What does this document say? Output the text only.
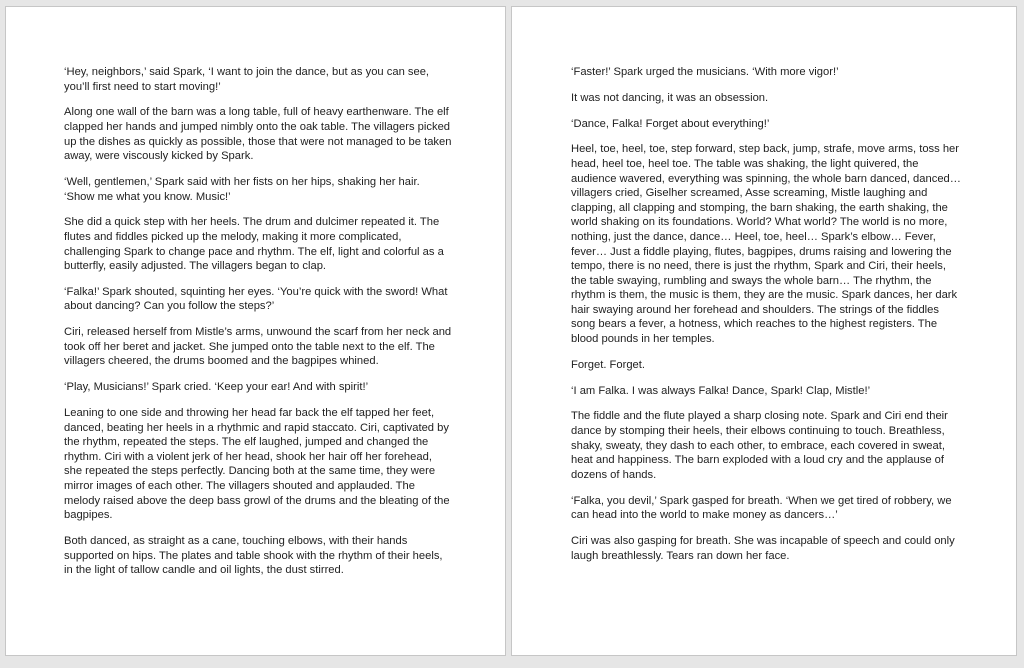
‘Hey, neighbors,’ said Spark, ‘I want to join the dance, but as you can see, you’ll first need to start moving!’

Along one wall of the barn was a long table, full of heavy earthenware. The elf clapped her hands and jumped nimbly onto the oak table. The villagers picked up the dishes as quickly as possible, those that were not managed to be taken away, were viscously kicked by Spark.

‘Well, gentlemen,’ Spark said with her fists on her hips, shaking her hair. ‘Show me what you know. Music!’

She did a quick step with her heels. The drum and dulcimer repeated it. The flutes and fiddles picked up the melody, making it more complicated, challenging Spark to change pace and rhythm. The elf, light and colorful as a butterfly, easily adjusted. The villagers began to clap.

‘Falka!’ Spark shouted, squinting her eyes. ‘You’re quick with the sword! What about dancing? Can you follow the steps?’

Ciri, released herself from Mistle’s arms, unwound the scarf from her neck and took off her beret and jacket. She jumped onto the table next to the elf. The villagers cheered, the drums boomed and the bagpipes whined.

‘Play, Musicians!’ Spark cried. ‘Keep your ear! And with spirit!’

Leaning to one side and throwing her head far back the elf tapped her feet, danced, beating her heels in a rhythmic and rapid staccato. Ciri, captivated by the rhythm, repeated the steps. The elf laughed, jumped and changed the rhythm. Ciri with a violent jerk of her head, shook her hair off her forehead, she repeated the steps perfectly. Dancing both at the same time, they were mirror images of each other. The villagers shouted and applauded. The melody raised above the deep bass growl of the drums and the bleating of the bagpipes.

Both danced, as straight as a cane, touching elbows, with their hands supported on hips. The plates and table shook with the rhythm of their heels, in the light of tallow candle and oil lights, the dust stirred.

‘Faster!’ Spark urged the musicians. ‘With more vigor!’

It was not dancing, it was an obsession.

‘Dance, Falka! Forget about everything!’

Heel, toe, heel, toe, step forward, step back, jump, strafe, move arms, toss her head, heel toe, heel toe. The table was shaking, the light quivered, the audience wavered, everything was spinning, the whole barn danced, danced… villagers cried, Giselher screamed, Asse screaming, Mistle laughing and clapping, all clapping and stomping, the barn shaking, the earth shaking, the world shaking on its foundations. World? What world? The world is no more, nothing, just the dance, dance… Heel, toe, heel… Spark’s elbow… Fever, fever… Just a fiddle playing, flutes, bagpipes, drums raising and lowering the tempo, there is no need, there is just the rhythm, Spark and Ciri, their heels, the table swaying, rumbling and sways the whole barn… The rhythm, the rhythm is them, the music is them, they are the music. Spark dances, her dark hair swaying around her forehead and shoulders. The strings of the fiddles song bears a fever, a hotness, which reaches to the highest registers. The blood pounds in her temples.

Forget. Forget.

‘I am Falka. I was always Falka! Dance, Spark! Clap, Mistle!’

The fiddle and the flute played a sharp closing note. Spark and Ciri end their dance by stomping their heels, their elbows continuing to touch. Breathless, shaky, sweaty, they dash to each other, to embrace, each covered in sweat, heat and happiness. The barn exploded with a loud cry and the applause of dozens of hands.

‘Falka, you devil,’ Spark gasped for breath. ‘When we get tired of robbery, we can head into the world to make money as dancers…’

Ciri was also gasping for breath. She was incapable of speech and could only laugh breathlessly. Tears ran down her face.
